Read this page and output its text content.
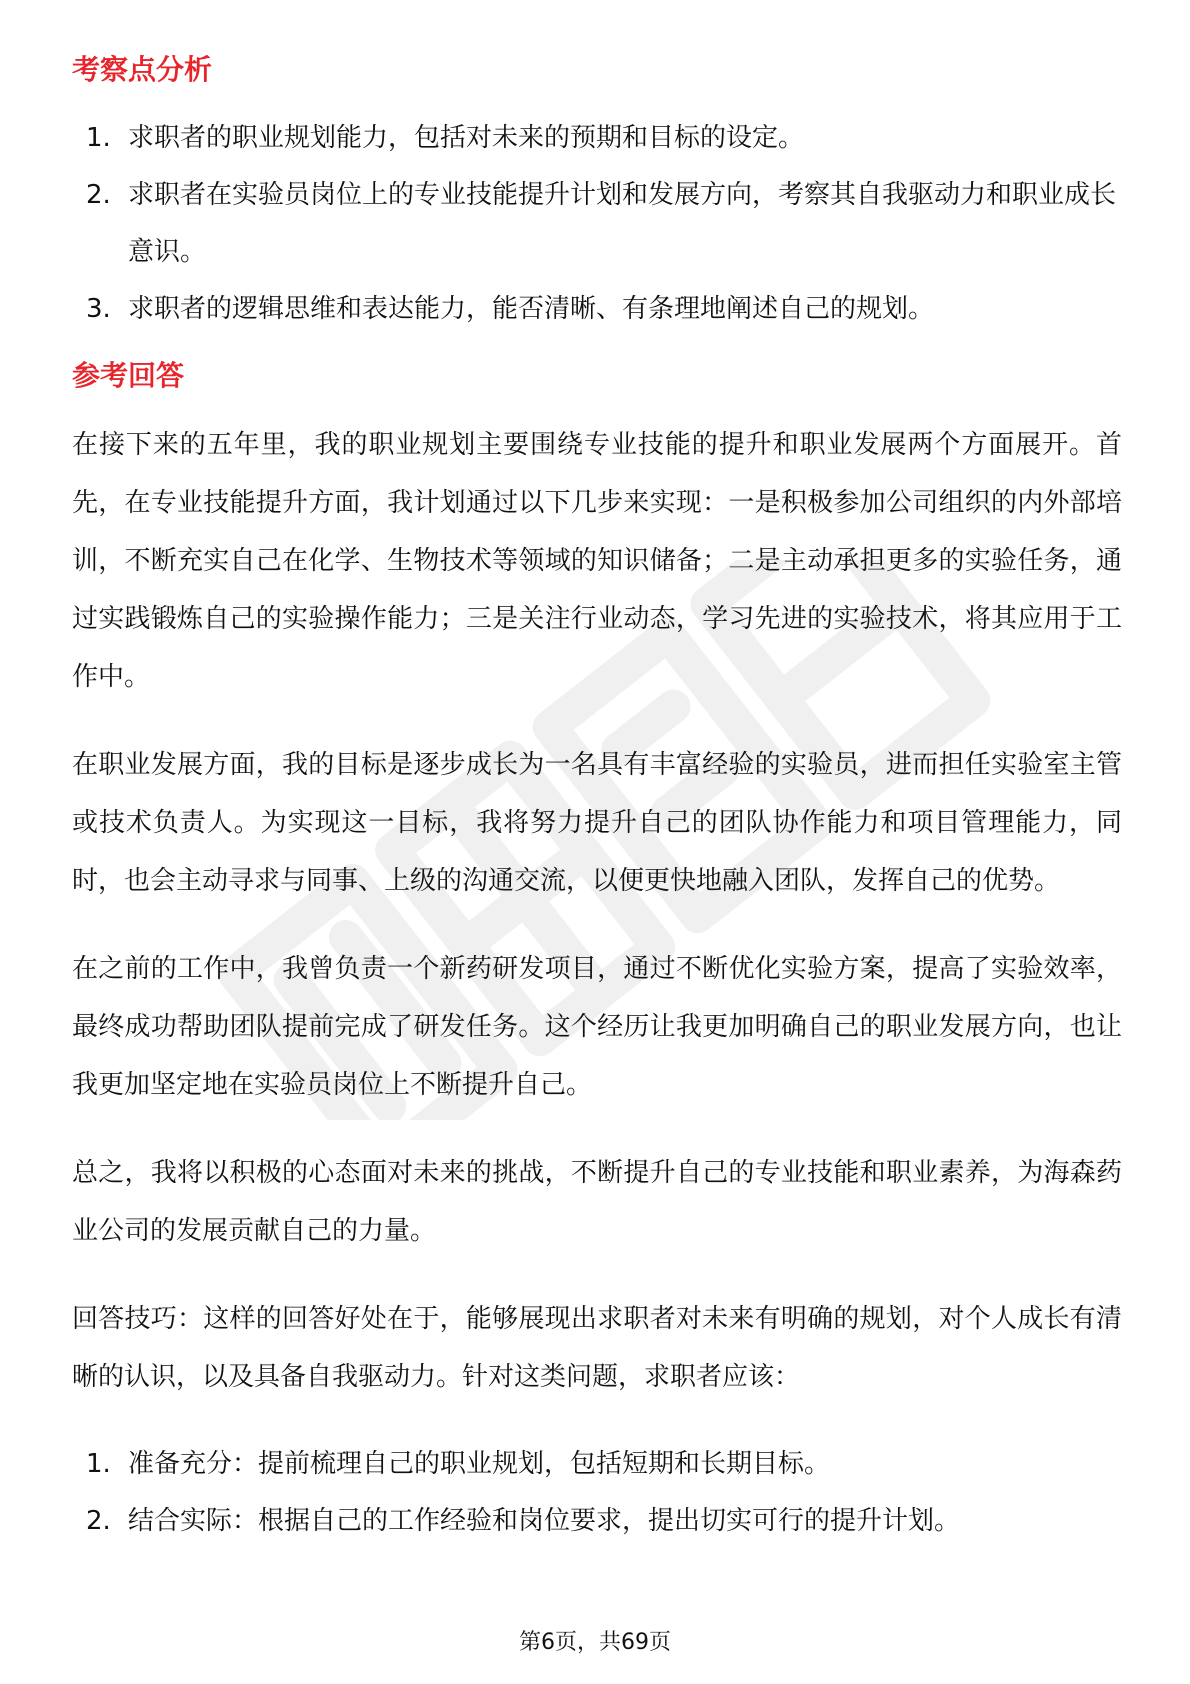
考察点分析
1. 求职者的职业规划能力，包括对未来的预期和目标的设定。
2. 求职者在实验员岗位上的专业技能提升计划和发展方向，考察其自我驱动力和职业成长意识。
3. 求职者的逻辑思维和表达能力，能否清晰、有条理地阐述自己的规划。
参考回答

在接下来的五年里，我的职业规划主要围绕专业技能的提升和职业发展两个方面展开。首先，在专业技能提升方面，我计划通过以下几步来实现：一是积极参加公司组织的内外部培训，不断充实自己在化学、生物技术等领域的知识储备；二是主动承担更多的实验任务，通过实践锻炼自己的实验操作能力；三是关注行业动态，学习先进的实验技术，将其应用于工作中。

在职业发展方面，我的目标是逐步成长为一名具有丰富经验的实验员，进而担任实验室主管或技术负责人。为实现这一目标，我将努力提升自己的团队协作能力和项目管理能力，同时，也会主动寻求与同事、上级的沟通交流，以便更快地融入团队，发挥自己的优势。

在之前的工作中，我曾负责一个新药研发项目，通过不断优化实验方案，提高了实验效率，最终成功帮助团队提前完成了研发任务。这个经历让我更加明确自己的职业发展方向，也让我更加坚定地在实验员岗位上不断提升自己。

总之，我将以积极的心态面对未来的挑战，不断提升自己的专业技能和职业素养，为海森药业公司的发展贡献自己的力量。

回答技巧：这样的回答好处在于，能够展现出求职者对未来有明确的规划，对个人成长有清晰的认识，以及具备自我驱动力。针对这类问题，求职者应该：

1. 准备充分：提前梳理自己的职业规划，包括短期和长期目标。
2. 结合实际：根据自己的工作经验和岗位要求，提出切实可行的提升计划。
第6页，共69页
